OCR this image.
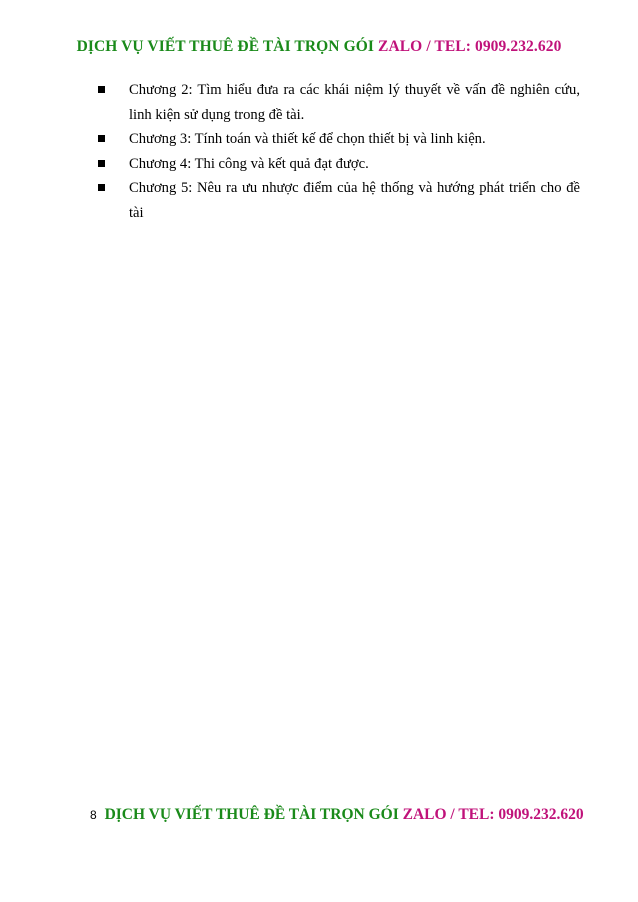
DỊCH VỤ VIẾT THUÊ ĐỀ TÀI TRỌN GÓI ZALO / TEL: 0909.232.620
Chương 2: Tìm hiểu đưa ra các khái niệm lý thuyết về vấn đề nghiên cứu, linh kiện sử dụng trong đề tài.
Chương 3: Tính toán và thiết kế để chọn thiết bị và linh kiện.
Chương 4: Thi công và kết quả đạt được.
Chương 5: Nêu ra ưu nhược điểm của hệ thống và hướng phát triển cho đề tài
8 DỊCH VỤ VIẾT THUÊ ĐỀ TÀI TRỌN GÓI ZALO / TEL: 0909.232.620
